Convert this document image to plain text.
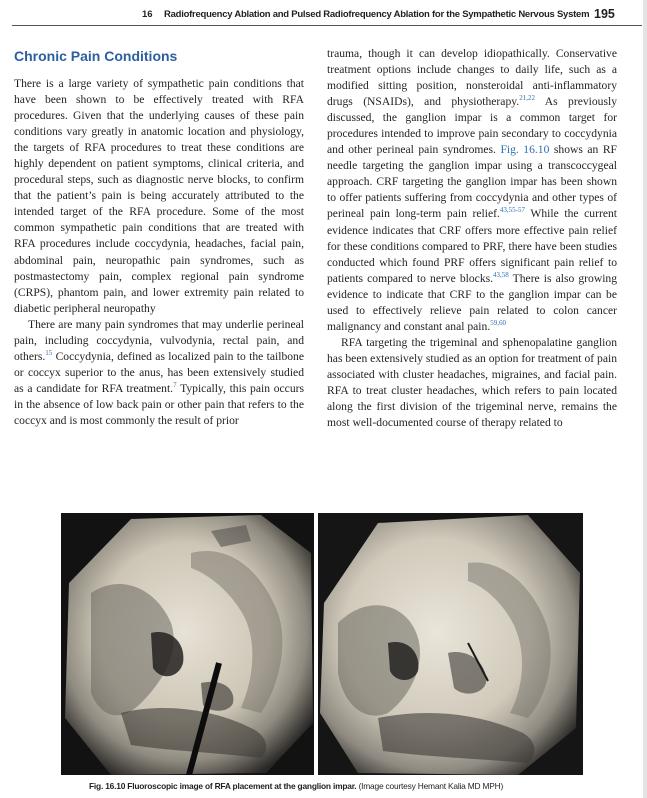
16 Radiofrequency Ablation and Pulsed Radiofrequency Ablation for the Sympathetic Nervous System 195
Chronic Pain Conditions

There is a large variety of sympathetic pain conditions that have been shown to be effectively treated with RFA procedures. Given that the underlying causes of these pain conditions vary greatly in anatomic location and physiology, the targets of RFA procedures to treat these conditions are highly dependent on patient symptoms, clinical criteria, and procedural steps, such as diagnostic nerve blocks, to confirm that the patient’s pain is being accurately attributed to the intended target of the RFA procedure. Some of the most common sympathetic pain conditions that are treated with RFA procedures include coccydynia, headaches, facial pain, abdominal pain, neuropathic pain syndromes, such as postmastectomy pain, complex regional pain syndrome (CRPS), phantom pain, and lower extremity pain related to diabetic peripheral neuropathy

There are many pain syndromes that may underlie perineal pain, including coccydynia, vulvodynia, rectal pain, and others.$^{15}$ Coccydynia, defined as localized pain to the tailbone or coccyx superior to the anus, has been extensively studied as a candidate for RFA treatment.$^7$ Typically, this pain occurs in the absence of low back pain or other pain that refers to the coccyx and is most commonly the result of prior

trauma, though it can develop idiopathically. Conservative treatment options include changes to daily life, such as a modified sitting position, nonsteroidal anti-inflammatory drugs (NSAIDs), and physiotherapy.$^{21,22}$ As previously discussed, the ganglion impar is a common target for procedures intended to improve pain secondary to coccydynia and other perineal pain syndromes. Fig. 16.10 shows an RF needle targeting the ganglion impar using a transcoccygeal approach. CRF targeting the ganglion impar has been shown to offer patients suffering from coccydynia and other types of perineal pain long-term pain relief.$^{43,55-57}$ While the current evidence indicates that CRF offers more effective pain relief for these conditions compared to PRF, there have been studies conducted which found PRF offers significant pain relief to patients compared to nerve blocks.$^{43,58}$ There is also growing evidence to indicate that CRF to the ganglion impar can be used to effectively relieve pain related to colon cancer malignancy and constant anal pain.$^{59,60}$

RFA targeting the trigeminal and sphenopalatine ganglion has been extensively studied as an option for treatment of pain associated with cluster headaches, migraines, and facial pain. RFA to treat cluster headaches, which refers to pain located along the first division of the trigeminal nerve, remains the most well-documented course of therapy related to

Fig. 16.10 Fluoroscopic image of RFA placement at the ganglion impar. (Image courtesy Hemant Kalia MD MPH)
